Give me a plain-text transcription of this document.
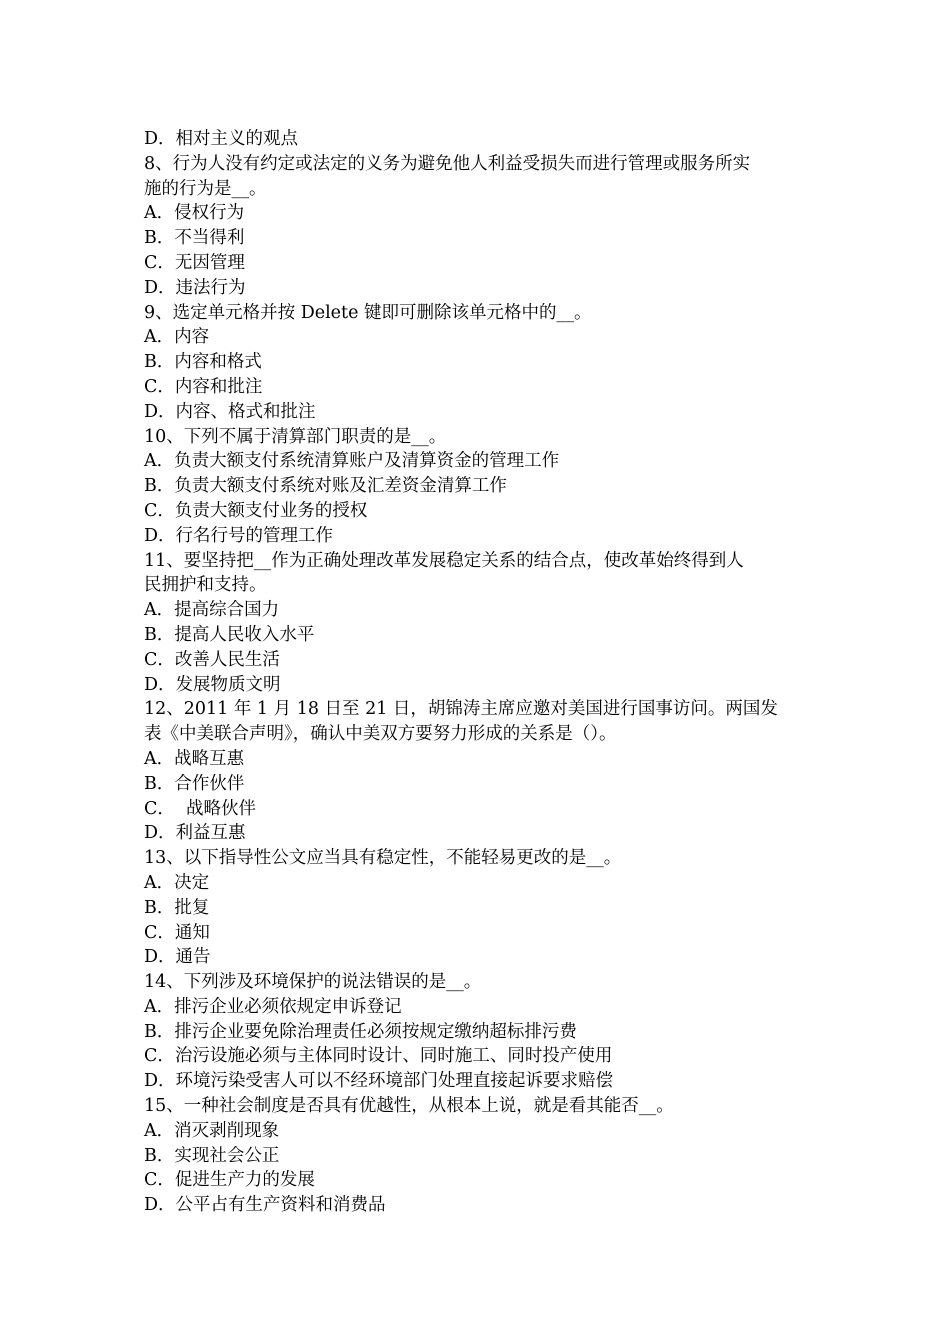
D．相对主义的观点

8、行为人没有约定或法定的义务为避免他人利益受损失而进行管理或服务所实

施的行为是__。

A．侵权行为

B．不当得利

C．无因管理

D．违法行为

9、选定单元格并按 Delete 键即可删除该单元格中的__。

A．内容

B．内容和格式

C．内容和批注

D．内容、格式和批注

10、下列不属于清算部门职责的是__。

A．负责大额支付系统清算账户及清算资金的管理工作

B．负责大额支付系统对账及汇差资金清算工作

C．负责大额支付业务的授权

D．行名行号的管理工作

11、要坚持把__作为正确处理改革发展稳定关系的结合点，使改革始终得到人

民拥护和支持。

A．提高综合国力

B．提高人民收入水平

C．改善人民生活

D．发展物质文明

12、2011 年 1 月 18 日至 21 日，胡锦涛主席应邀对美国进行国事访问。两国发

表《中美联合声明》，确认中美双方要努力形成的关系是（）。

A．战略互惠

B．合作伙伴

C．  战略伙伴

D．利益互惠

13、以下指导性公文应当具有稳定性，不能轻易更改的是__。

A．决定

B．批复

C．通知

D．通告

14、下列涉及环境保护的说法错误的是__。

A．排污企业必须依规定申诉登记

B．排污企业要免除治理责任必须按规定缴纳超标排污费

C．治污设施必须与主体同时设计、同时施工、同时投产使用

D．环境污染受害人可以不经环境部门处理直接起诉要求赔偿

15、一种社会制度是否具有优越性，从根本上说，就是看其能否__。

A．消灭剥削现象

B．实现社会公正

C．促进生产力的发展

D．公平占有生产资料和消费品
